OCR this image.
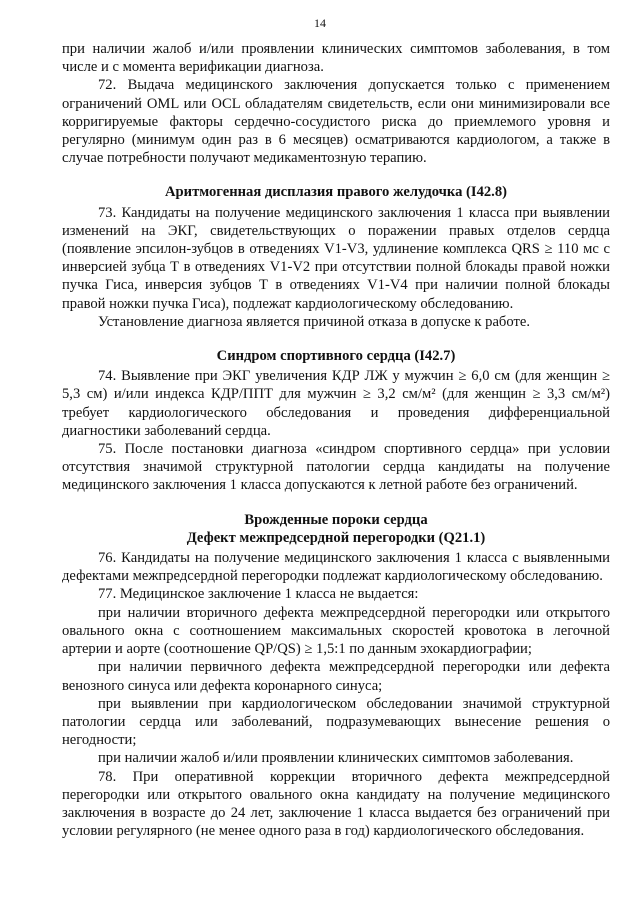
14

при наличии жалоб и/или проявлении клинических симптомов заболевания, в том числе и с момента верификации диагноза.

72. Выдача медицинского заключения допускается только с применением ограничений OML или OCL обладателям свидетельств, если они минимизировали все корригируемые факторы сердечно-сосудистого риска до приемлемого уровня и регулярно (минимум один раз в 6 месяцев) осматриваются кардиологом, а также в случае потребности получают медикаментозную терапию.

Аритмогенная дисплазия правого желудочка (I42.8)

73. Кандидаты на получение медицинского заключения 1 класса при выявлении изменений на ЭКГ, свидетельствующих о поражении правых отделов сердца (появление эпсилон-зубцов в отведениях V1-V3, удлинение комплекса QRS ≥ 110 мс с инверсией зубца Т в отведениях V1-V2 при отсутствии полной блокады правой ножки пучка Гиса, инверсия зубцов Т в отведениях V1-V4 при наличии полной блокады правой ножки пучка Гиса), подлежат кардиологическому обследованию.

Установление диагноза является причиной отказа в допуске к работе.

Синдром спортивного сердца (I42.7)

74. Выявление при ЭКГ увеличения КДР ЛЖ у мужчин ≥ 6,0 см (для женщин ≥ 5,3 см) и/или индекса КДР/ППТ для мужчин ≥ 3,2 см/м² (для женщин ≥ 3,3 см/м²) требует кардиологического обследования и проведения дифференциальной диагностики заболеваний сердца.

75. После постановки диагноза «синдром спортивного сердца» при условии отсутствия значимой структурной патологии сердца кандидаты на получение медицинского заключения 1 класса допускаются к летной работе без ограничений.

Врожденные пороки сердца
Дефект межпредсердной перегородки (Q21.1)

76. Кандидаты на получение медицинского заключения 1 класса с выявленными дефектами межпредсердной перегородки подлежат кардиологическому обследованию.

77. Медицинское заключение 1 класса не выдается:

при наличии вторичного дефекта межпредсердной перегородки или открытого овального окна с соотношением максимальных скоростей кровотока в легочной артерии и аорте (соотношение QP/QS) ≥ 1,5:1 по данным эхокардиографии;

при наличии первичного дефекта межпредсердной перегородки или дефекта венозного синуса или дефекта коронарного синуса;

при выявлении при кардиологическом обследовании значимой структурной патологии сердца или заболеваний, подразумевающих вынесение решения о негодности;

при наличии жалоб и/или проявлении клинических симптомов заболевания.

78. При оперативной коррекции вторичного дефекта межпредсердной перегородки или открытого овального окна кандидату на получение медицинского заключения в возрасте до 24 лет, заключение 1 класса выдается без ограничений при условии регулярного (не менее одного раза в год) кардиологического обследования.
